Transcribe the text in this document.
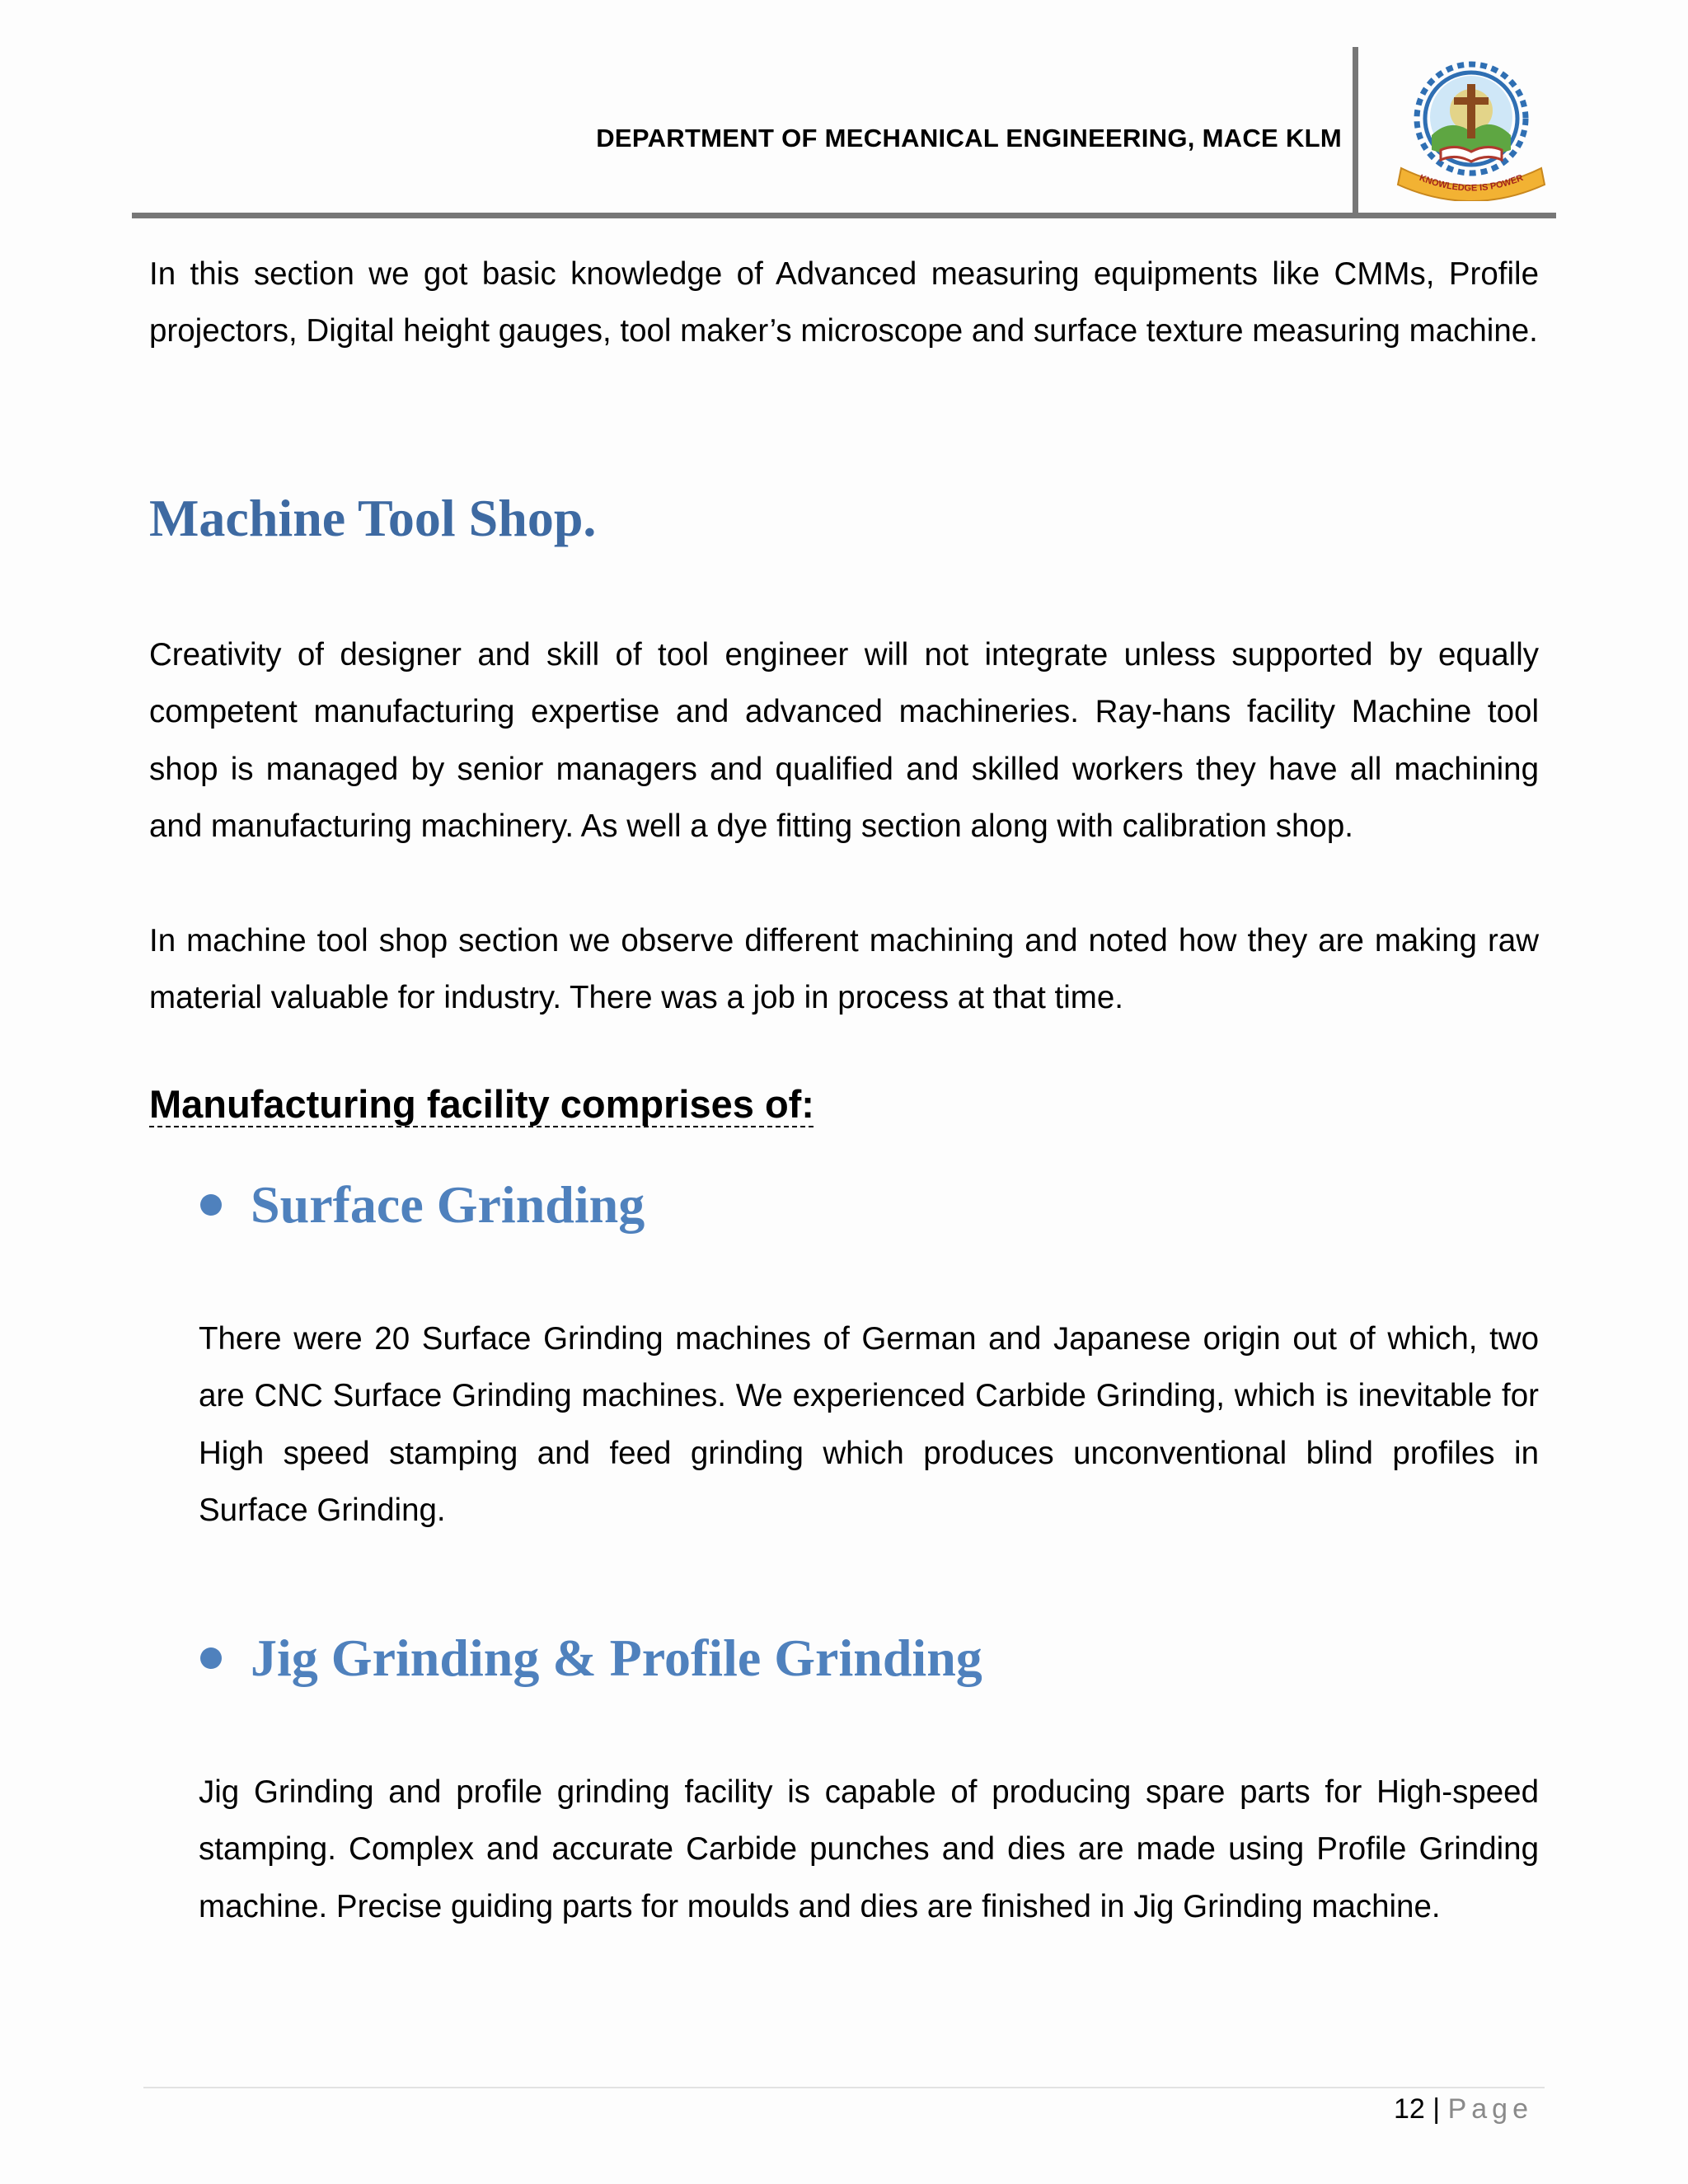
DEPARTMENT OF MECHANICAL ENGINEERING, MACE KLM
KNOWLEDGE IS POWER

In this section we got basic knowledge of Advanced measuring equipments like CMMs, Profile projectors, Digital height gauges, tool maker’s microscope and surface texture measuring machine.

Machine Tool Shop.

Creativity of designer and skill of tool engineer will not integrate unless supported by equally competent manufacturing expertise and advanced machineries. Ray-hans facility Machine tool shop is managed by senior managers and qualified and skilled workers they have all machining and manufacturing machinery. As well a dye fitting section along with calibration shop.

In machine tool shop section we observe different machining and noted how they are making raw material valuable for industry. There was a job in process at that time.

Manufacturing facility comprises of:
Surface Grinding

There were 20 Surface Grinding machines of German and Japanese origin out of which, two are CNC Surface Grinding machines. We experienced Carbide Grinding, which is inevitable for High speed stamping and feed grinding which produces unconventional blind profiles in Surface Grinding.

Jig Grinding & Profile Grinding

Jig Grinding and profile grinding facility is capable of producing spare parts for High-speed stamping. Complex and accurate Carbide punches and dies are made using Profile Grinding machine. Precise guiding parts for moulds and dies are finished in Jig Grinding machine.

12 | Page
